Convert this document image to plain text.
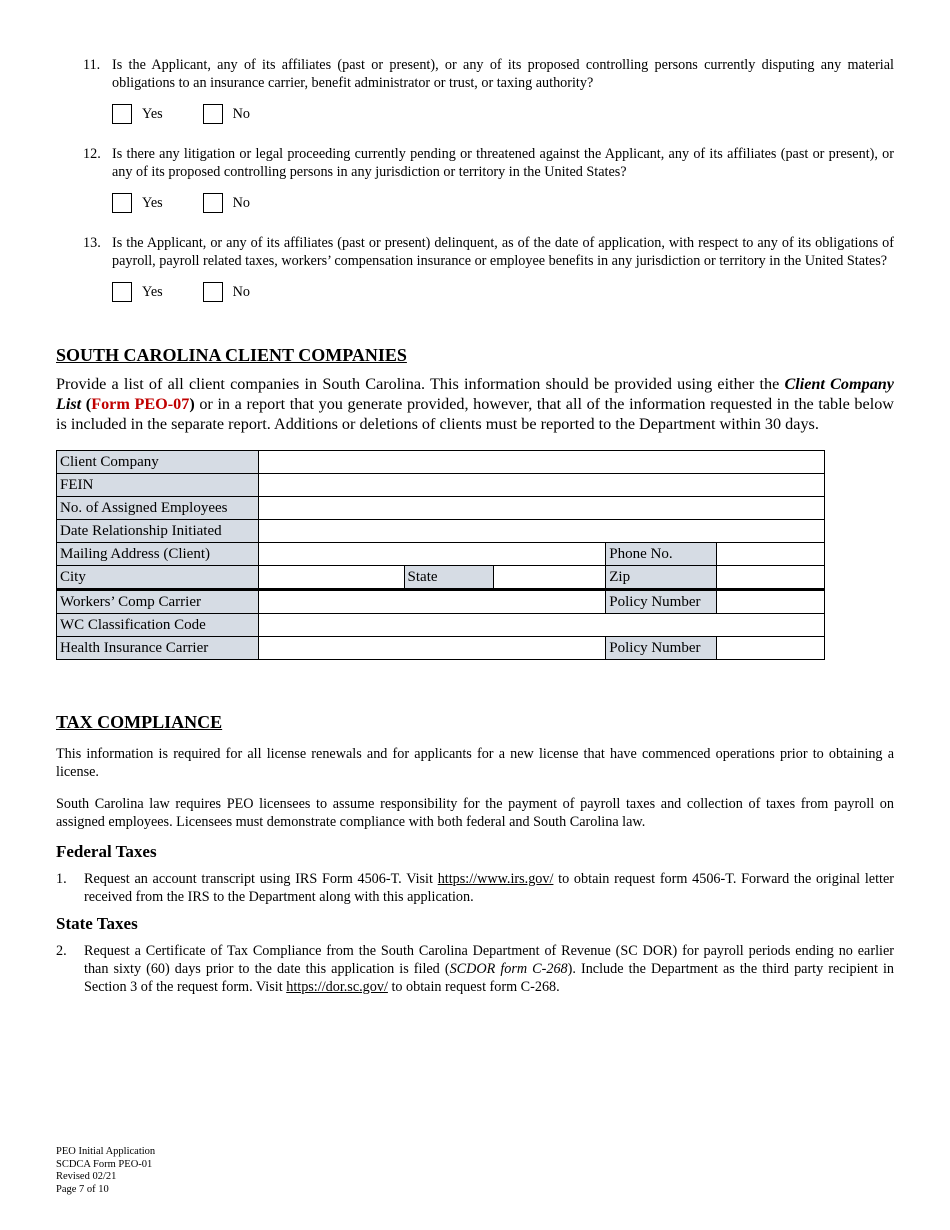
11. Is the Applicant, any of its affiliates (past or present), or any of its proposed controlling persons currently disputing any material obligations to an insurance carrier, benefit administrator or trust, or taxing authority?
Yes	No
12. Is there any litigation or legal proceeding currently pending or threatened against the Applicant, any of its affiliates (past or present), or any of its proposed controlling persons in any jurisdiction or territory in the United States?
Yes	No
13. Is the Applicant, or any of its affiliates (past or present) delinquent, as of the date of application, with respect to any of its obligations of payroll, payroll related taxes, workers’ compensation insurance or employee benefits in any jurisdiction or territory in the United States?
Yes	No
SOUTH CAROLINA CLIENT COMPANIES

Provide a list of all client companies in South Carolina. This information should be provided using either the Client Company List (Form PEO-07) or in a report that you generate provided, however, that all of the information requested in the table below is included in the separate report. Additions or deletions of clients must be reported to the Department within 30 days.

Client Company					
FEIN					
No. of Assigned Employees					
Date Relationship Initiated					
Mailing Address (Client)				Phone No.	
City		State		Zip	
Workers’ Comp Carrier				Policy Number	
WC Classification Code					
Health Insurance Carrier				Policy Number	
TAX COMPLIANCE

This information is required for all license renewals and for applicants for a new license that have commenced operations prior to obtaining a license.

South Carolina law requires PEO licensees to assume responsibility for the payment of payroll taxes and collection of taxes from payroll on assigned employees. Licensees must demonstrate compliance with both federal and South Carolina law.

Federal Taxes
1. Request an account transcript using IRS Form 4506-T. Visit https://www.irs.gov/ to obtain request form 4506-T. Forward the original letter received from the IRS to the Department along with this application.
State Taxes
2. Request a Certificate of Tax Compliance from the South Carolina Department of Revenue (SC DOR) for payroll periods ending no earlier than sixty (60) days prior to the date this application is filed (SCDOR form C-268). Include the Department as the third party recipient in Section 3 of the request form. Visit https://dor.sc.gov/ to obtain request form C-268.
PEO Initial Application
SCDCA Form PEO-01
Revised 02/21
Page 7 of 10
